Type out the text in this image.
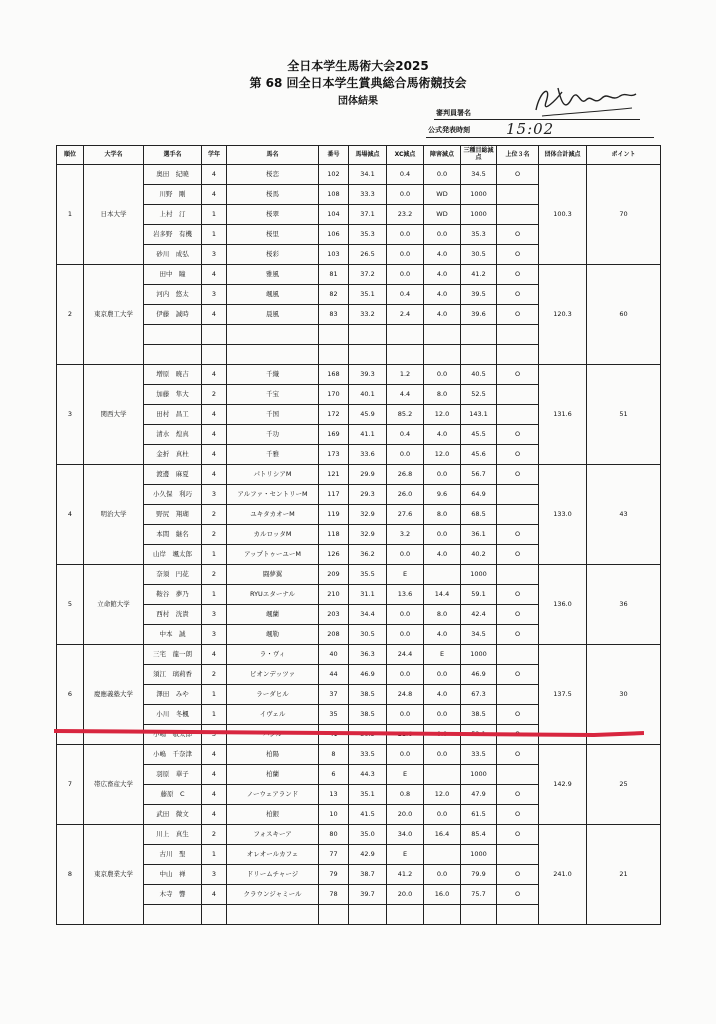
全日本学生馬術大会2025
第 68 回全日本学生賞典総合馬術競技会
団体結果
審判員署名
公式発表時刻 15:02
順位	大学名	選手名	学年	馬名	番号	馬場減点	XC減点	障害減点	三種目総減点	上位３名	団体合計減点	ポイント
1	日本大学	奥田　紀暁	4	桜恋	102	34.1	0.4	0.0	34.5	O	100.3	70
		川野　剛	4	桜馬	108	33.3	0.0	WD	1000			
		上村　汀	1	桜翠	104	37.1	23.2	WD	1000			
		岩多野　有機	1	桜里	106	35.3	0.0	0.0	35.3	O		
		砂川　成弘	3	桜彩	103	26.5	0.0	4.0	30.5	O		
2	東京農工大学	田中　瞳	4	雅風	81	37.2	0.0	4.0	41.2	O	120.3	60
		河内　悠太	3	颯風	82	35.1	0.4	4.0	39.5	O		
		伊藤　誠時	4	晨風	83	33.2	2.4	4.0	39.6	O		

3	関西大学	増原　暁吉	4	千織	168	39.3	1.2	0.0	40.5	O	131.6	51
		加藤　隼大	2	千宝	170	40.1	4.4	8.0	52.5			
		田村　昌工	4	千国	172	45.9	85.2	12.0	143.1			
		清水　煌真	4	千功	169	41.1	0.4	4.0	45.5	O		
		金折　真杜	4	千雅	173	33.6	0.0	12.0	45.6	O		
4	明治大学	渡邊　麻夏	4	パトリシアM	121	29.9	26.8	0.0	56.7	O	133.0	43
		小久保　利巧	3	アルファ・セントリーM	117	29.3	26.0	9.6	64.9			
		野尻　翔瑚	2	ユキタカオーM	119	32.9	27.6	8.0	68.5			
		本間　継名	2	カルロッタM	118	32.9	3.2	0.0	36.1	O		
		山岸　颯太郎	1	アップトゥーユーM	126	36.2	0.0	4.0	40.2	O		
5	立命館大学	奈須　円花	2	闘夢翼	209	35.5	E		1000		136.0	36
		鞍谷　夢乃	1	RYUエターナル	210	31.1	13.6	14.4	59.1	O		
		西村　洸貴	3	颯蘭	203	34.4	0.0	8.0	42.4	O		
		中本　誠	3	颯勒	208	30.5	0.0	4.0	34.5	O		
6	慶應義塾大学	三宅　龍一朗	4	ラ・ヴィ	40	36.3	24.4	E	1000		137.5	30
		須江　璃莉香	2	ピオンデッツァ	44	46.9	0.0	0.0	46.9	O		
		澤田　みや	1	ラーダヒル	37	38.5	24.8	4.0	67.3			
		小川　冬楓	1	イヴェル	35	38.5	0.0	0.0	38.5	O		
		小嶋　敬太郎	3	バジル	41	30.5	21.6	0.0	52.1	O		
7	帯広畜産大学	小嶋　千奈津	4	柏陽	8	33.5	0.0	0.0	33.5	O	142.9	25
		羽原　華子	4	柏蘭	6	44.3	E		1000			
		藤原　C	4	ノーウェアランド	13	35.1	0.8	12.0	47.9	O		
		武田　微文	4	柏銀	10	41.5	20.0	0.0	61.5	O		
8	東京農業大学	川上　真生	2	フォスキーア	80	35.0	34.0	16.4	85.4	O	241.0	21
		古川　聖	1	オレオールカフェ	77	42.9	E		1000			
		中山　禅	3	ドリームチャージ	79	38.7	41.2	0.0	79.9	O		
		木寺　響	4	クラウンジャミール	78	39.7	20.0	16.0	75.7	O		
